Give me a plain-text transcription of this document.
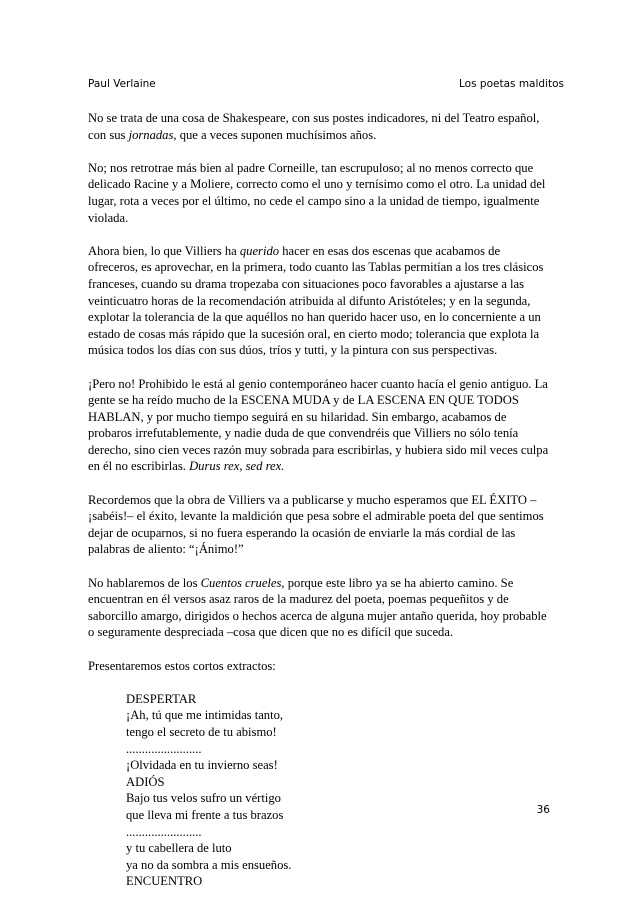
Paul Verlaine	Los poetas malditos

No se trata de una cosa de Shakespeare, con sus postes indicadores, ni del Teatro español, con sus jornadas, que a veces suponen muchísimos años.

No; nos retrotrae más bien al padre Corneille, tan escrupuloso; al no menos correcto que delicado Racine y a Moliere, correcto como el uno y ternísimo como el otro. La unidad del lugar, rota a veces por el último, no cede el campo sino a la unidad de tiempo, igualmente violada.

Ahora bien, lo que Villiers ha querido hacer en esas dos escenas que acabamos de ofreceros, es aprovechar, en la primera, todo cuanto las Tablas permitían a los tres clásicos franceses, cuando su drama tropezaba con situaciones poco favorables a ajustarse a las veinticuatro horas de la recomendación atribuida al difunto Aristóteles; y en la segunda, explotar la tolerancia de la que aquéllos no han querido hacer uso, en lo concerniente a un estado de cosas más rápido que la sucesión oral, en cierto modo; tolerancia que explota la música todos los días con sus dúos, tríos y tutti, y la pintura con sus perspectivas.

¡Pero no! Prohibido le está al genio contemporáneo hacer cuanto hacía el genio antiguo. La gente se ha reído mucho de la ESCENA MUDA y de LA ESCENA EN QUE TODOS HABLAN, y por mucho tiempo seguirá en su hilaridad. Sin embargo, acabamos de probaros irrefutablemente, y nadie duda de que convendréis que Villiers no sólo tenía derecho, sino cien veces razón muy sobrada para escribirlas, y hubiera sido mil veces culpa en él no escribirlas. Durus rex, sed rex.

Recordemos que la obra de Villiers va a publicarse y mucho esperamos que EL ÉXITO – ¡sabéis!– el éxito, levante la maldición que pesa sobre el admirable poeta del que sentimos dejar de ocuparnos, si no fuera esperando la ocasión de enviarle la más cordial de las palabras de aliento: “¡Ánimo!”

No hablaremos de los Cuentos crueles, porque este libro ya se ha abierto camino. Se encuentran en él versos asaz raros de la madurez del poeta, poemas pequeñitos y de saborcillo amargo, dirigidos o hechos acerca de alguna mujer antaño querida, hoy probable o seguramente despreciada –cosa que dicen que no es difícil que suceda.

Presentaremos estos cortos extractos:

DESPERTAR
¡Ah, tú que me intimidas tanto,
tengo el secreto de tu abismo!
........................
¡Olvidada en tu invierno seas!
ADIÓS
Bajo tus velos sufro un vértigo
que lleva mi frente a tus brazos
........................
y tu cabellera de luto
ya no da sombra a mis ensueños.
ENCUENTRO
36
